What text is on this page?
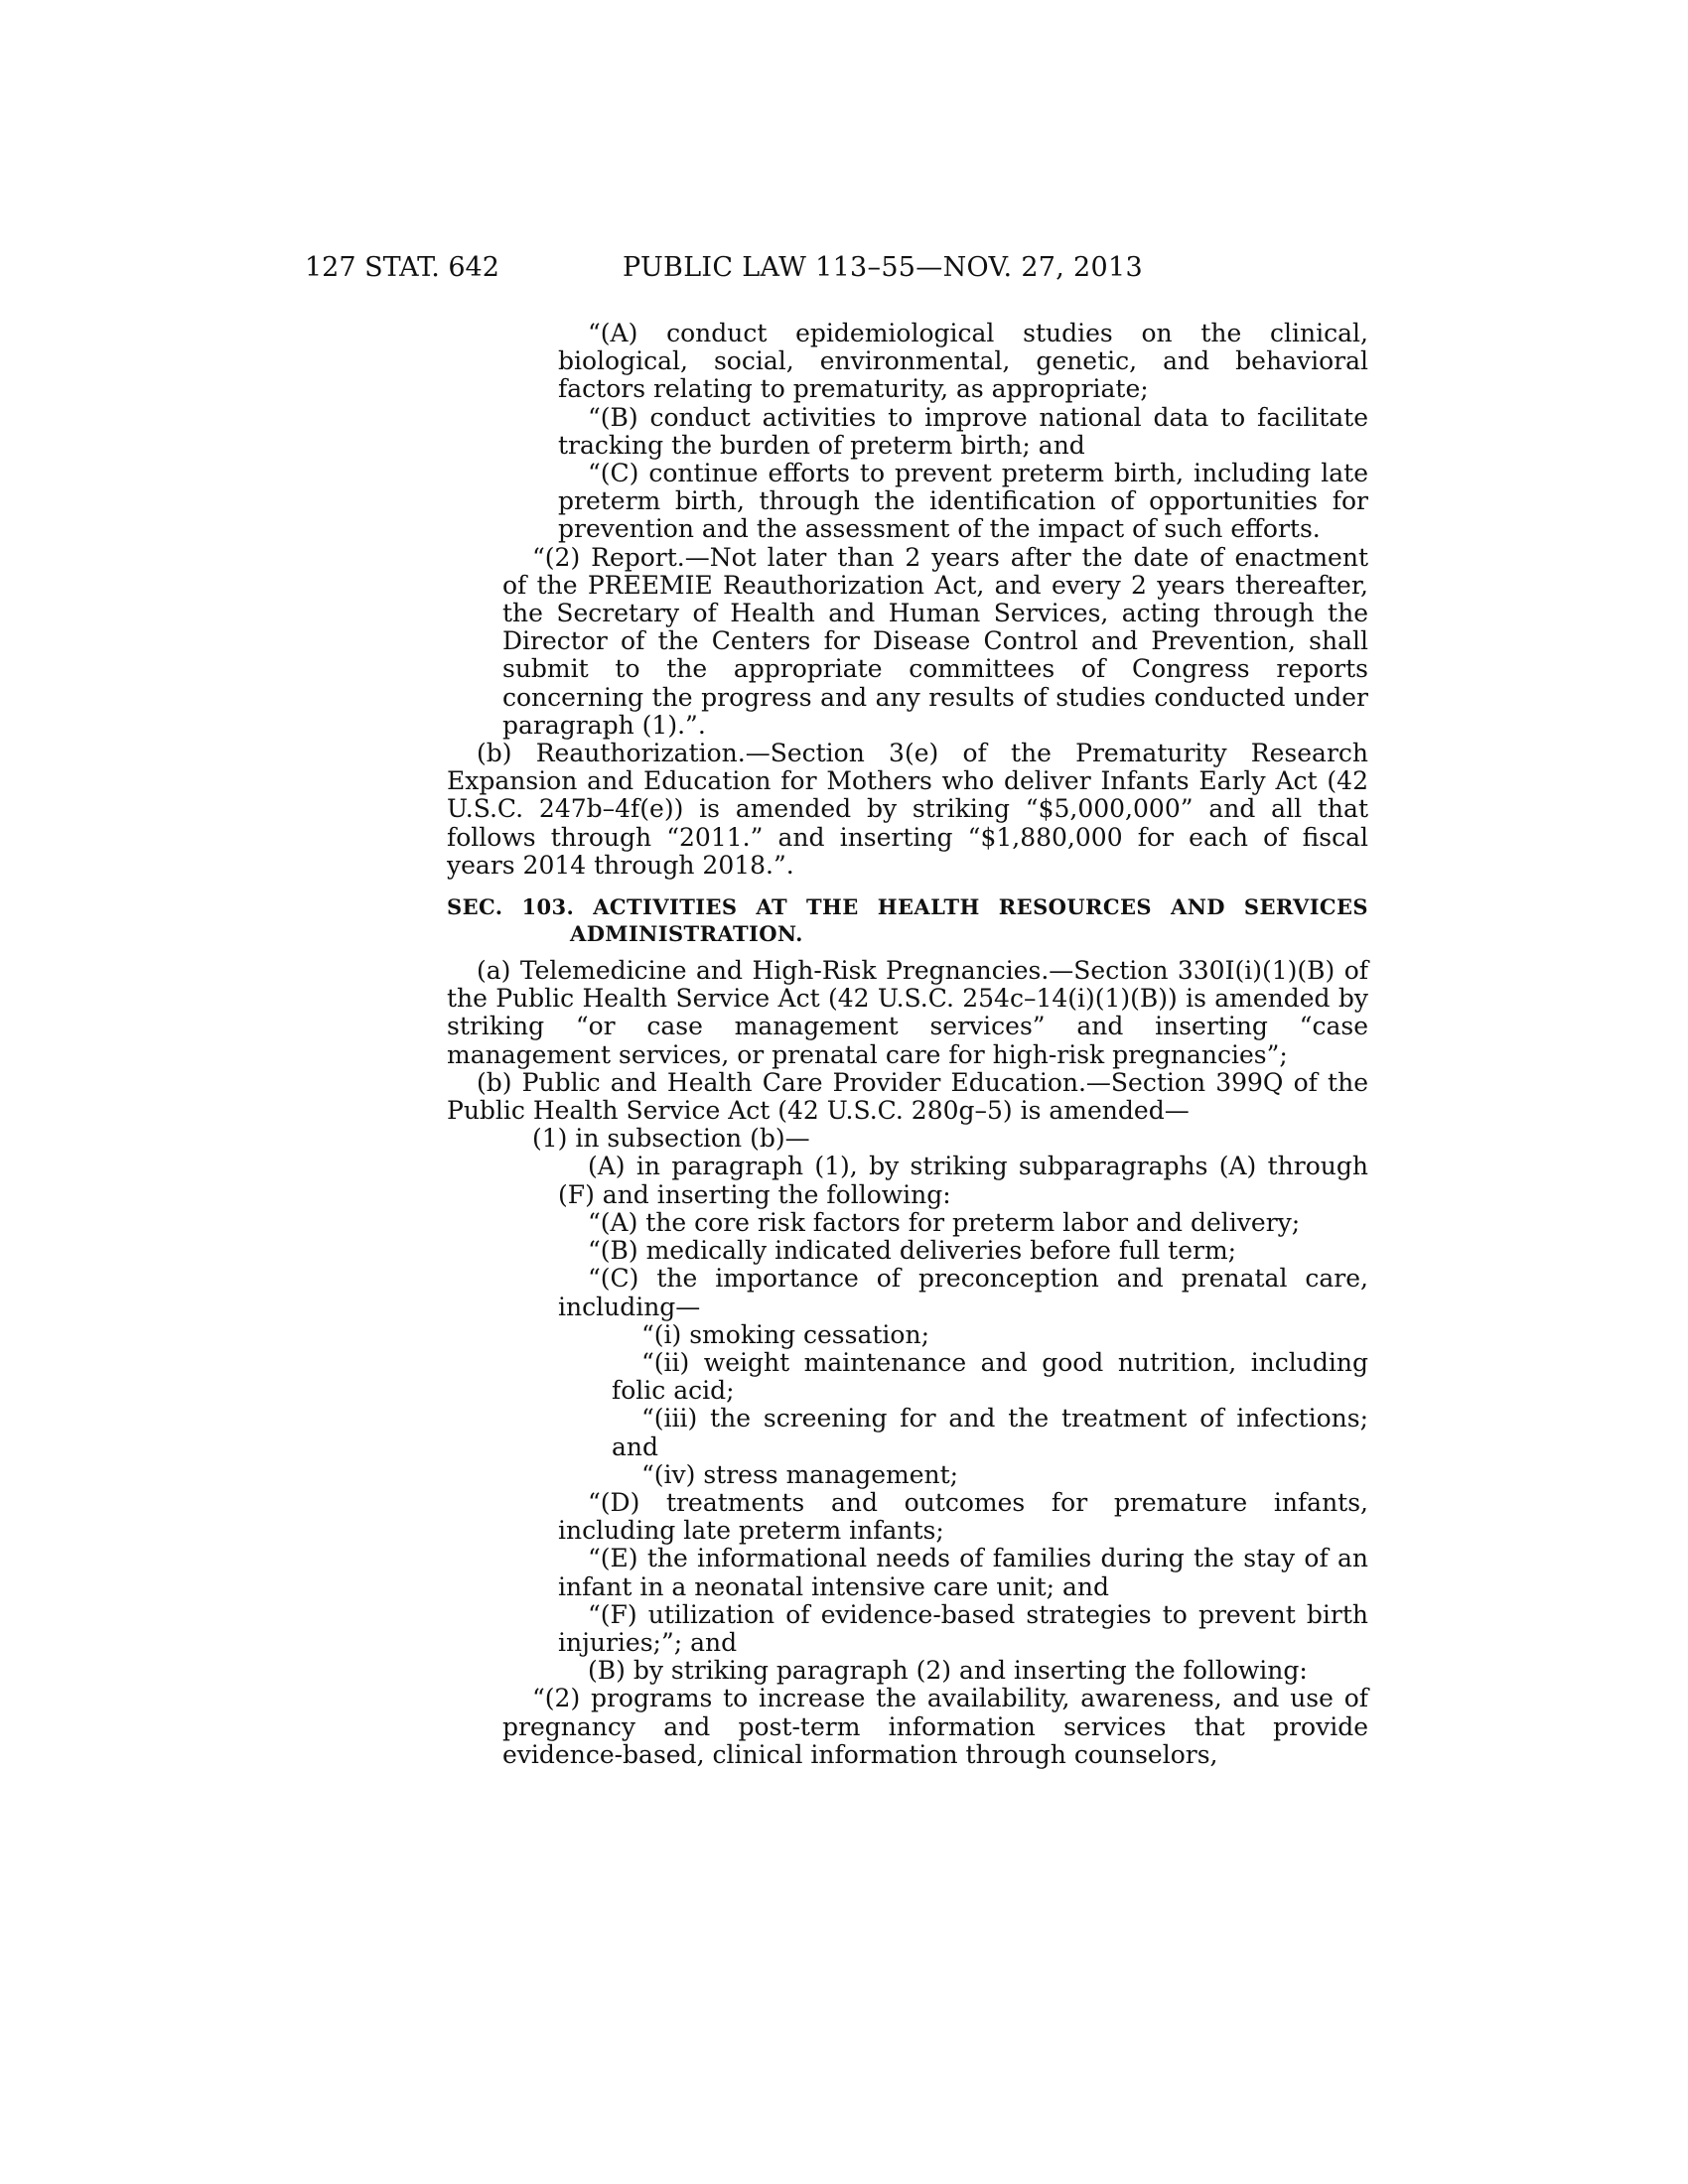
127 STAT. 642	PUBLIC LAW 113–55—NOV. 27, 2013

“(A) conduct epidemiological studies on the clinical, biological, social, environmental, genetic, and behavioral factors relating to prematurity, as appropriate;

“(B) conduct activities to improve national data to facilitate tracking the burden of preterm birth; and

“(C) continue efforts to prevent preterm birth, including late preterm birth, through the identification of opportunities for prevention and the assessment of the impact of such efforts.

“(2) Report.—Not later than 2 years after the date of enactment of the PREEMIE Reauthorization Act, and every 2 years thereafter, the Secretary of Health and Human Services, acting through the Director of the Centers for Disease Control and Prevention, shall submit to the appropriate committees of Congress reports concerning the progress and any results of studies conducted under paragraph (1).”.

(b) Reauthorization.—Section 3(e) of the Prematurity Research Expansion and Education for Mothers who deliver Infants Early Act (42 U.S.C. 247b–4f(e)) is amended by striking “$5,000,000” and all that follows through “2011.” and inserting “$1,880,000 for each of fiscal years 2014 through 2018.”.

SEC. 103. ACTIVITIES AT THE HEALTH RESOURCES AND SERVICES ADMINISTRATION.

(a) Telemedicine and High-Risk Pregnancies.—Section 330I(i)(1)(B) of the Public Health Service Act (42 U.S.C. 254c–14(i)(1)(B)) is amended by striking “or case management services” and inserting “case management services, or prenatal care for high-risk pregnancies”;

(b) Public and Health Care Provider Education.—Section 399Q of the Public Health Service Act (42 U.S.C. 280g–5) is amended—

(1) in subsection (b)—

(A) in paragraph (1), by striking subparagraphs (A) through (F) and inserting the following:

“(A) the core risk factors for preterm labor and delivery;

“(B) medically indicated deliveries before full term;

“(C) the importance of preconception and prenatal care, including—

“(i) smoking cessation;

“(ii) weight maintenance and good nutrition, including folic acid;

“(iii) the screening for and the treatment of infections; and

“(iv) stress management;

“(D) treatments and outcomes for premature infants, including late preterm infants;

“(E) the informational needs of families during the stay of an infant in a neonatal intensive care unit; and

“(F) utilization of evidence-based strategies to prevent birth injuries;”; and

(B) by striking paragraph (2) and inserting the following:

“(2) programs to increase the availability, awareness, and use of pregnancy and post-term information services that provide evidence-based, clinical information through counselors,
